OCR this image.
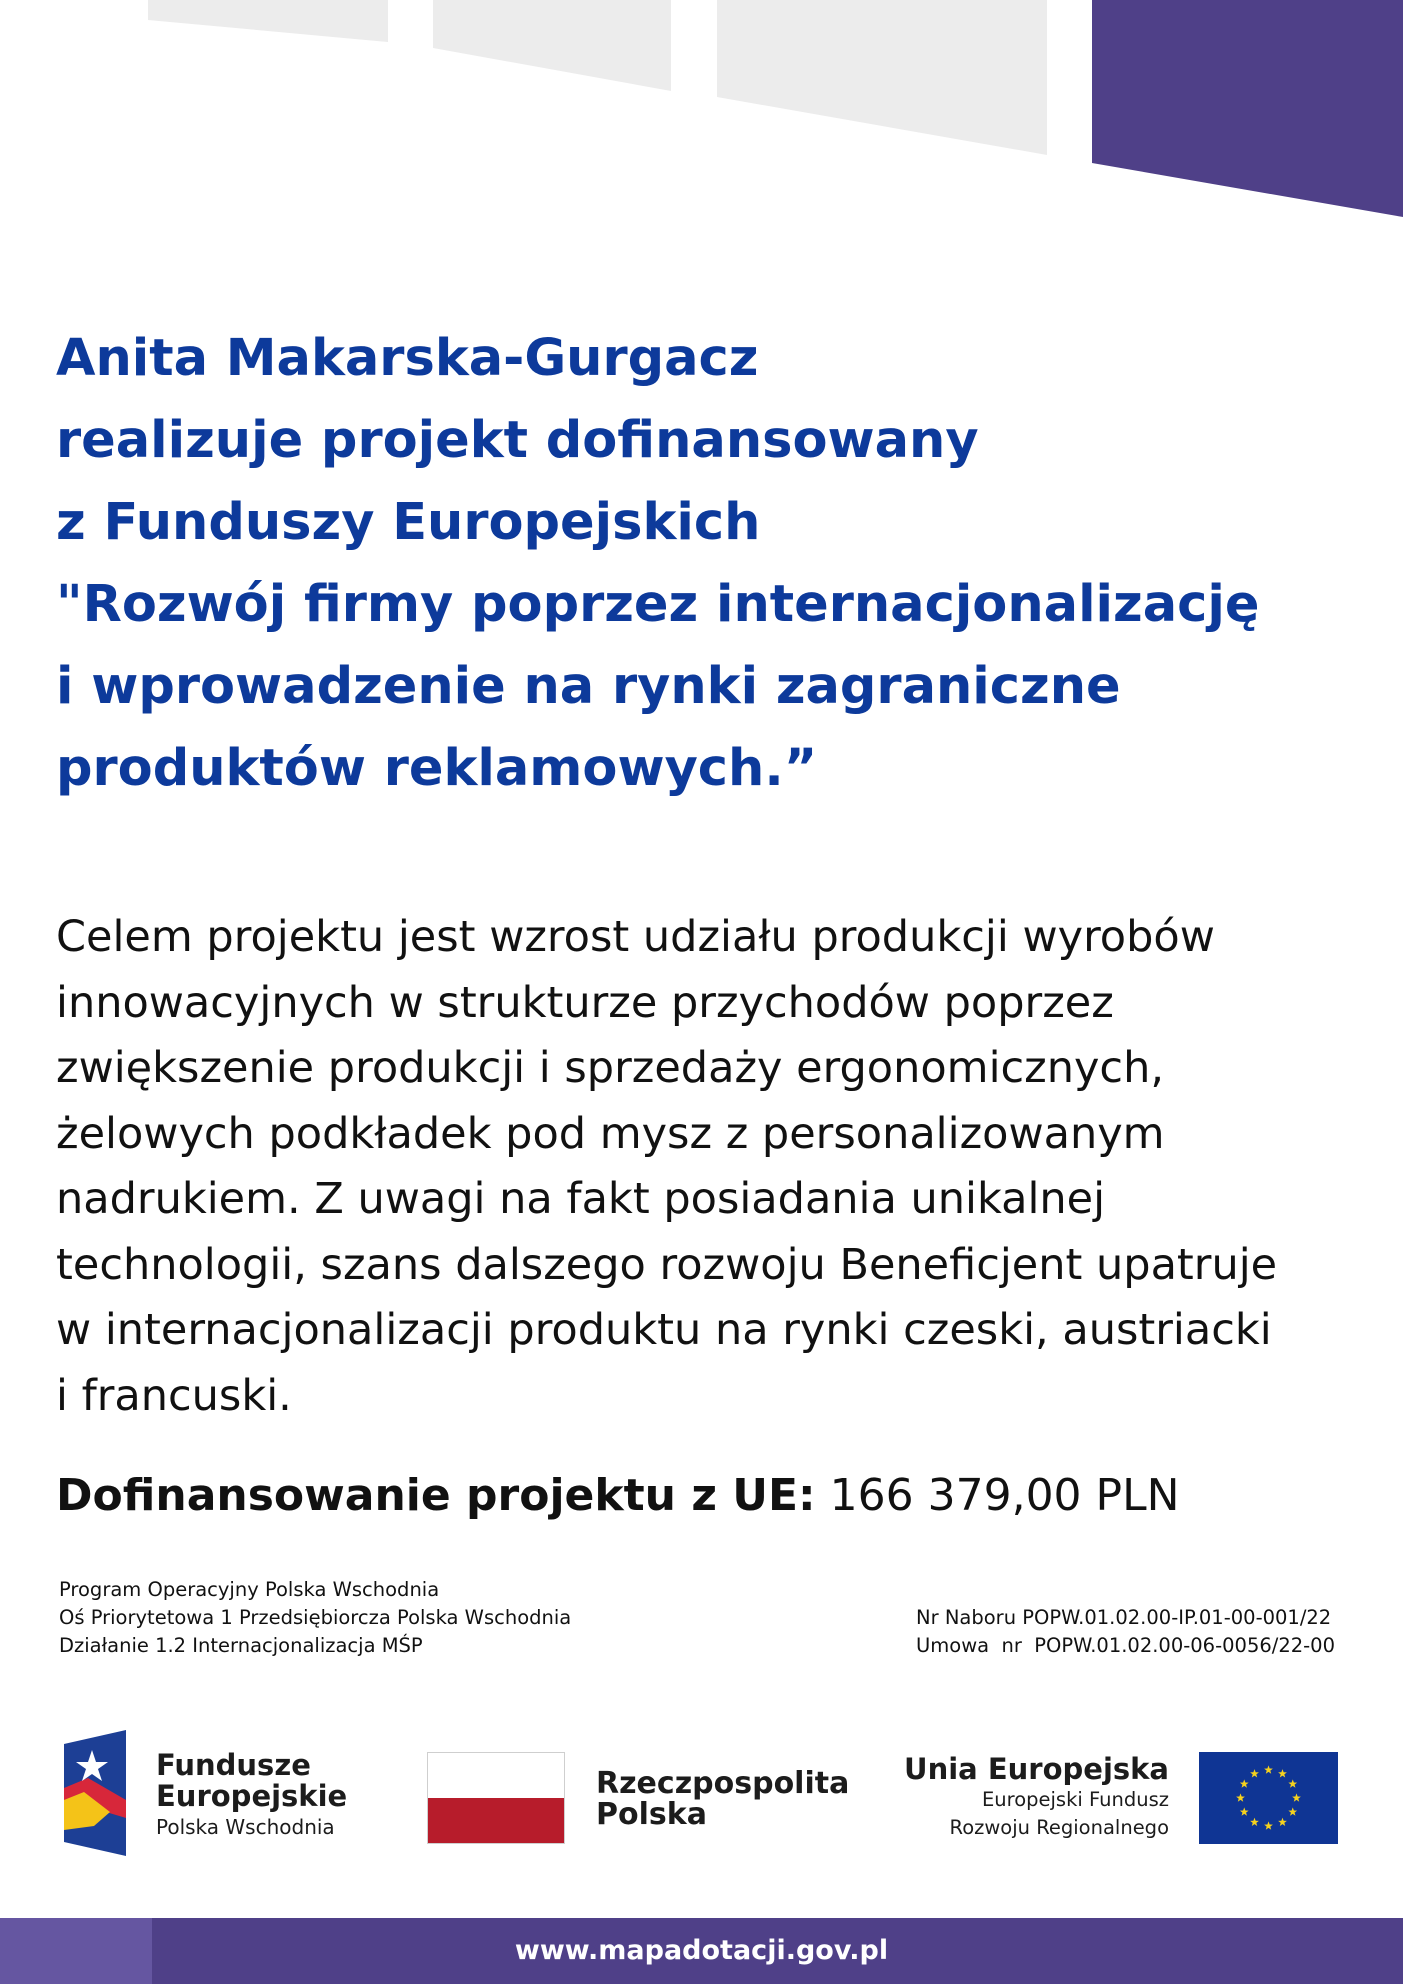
Anita Makarska-Gurgacz
realizuje projekt dofinansowany
z Funduszy Europejskich
"Rozwój firmy poprzez internacjonalizację
i wprowadzenie na rynki zagraniczne
produktów reklamowych.”
Celem projektu jest wzrost udziału produkcji wyrobów
innowacyjnych w strukturze przychodów poprzez
zwiększenie produkcji i sprzedaży ergonomicznych,
żelowych podkładek pod mysz z personalizowanym
nadrukiem. Z uwagi na fakt posiadania unikalnej
technologii, szans dalszego rozwoju Beneficjent upatruje
w internacjonalizacji produktu na rynki czeski, austriacki
i francuski.
Dofinansowanie projektu z UE: 166 379,00 PLN
Program Operacyjny Polska Wschodnia
Oś Priorytetowa 1 Przedsiębiorcza Polska Wschodnia
Działanie 1.2 Internacjonalizacja MŚP
Nr Naboru POPW.01.02.00-IP.01-00-001/22
Umowa  nr  POPW.01.02.00-06-0056/22-00
Fundusze
Europejskie
Polska Wschodnia
Rzeczpospolita
Polska
Unia Europejska
Europejski Fundusz
Rozwoju Regionalnego
www.mapadotacji.gov.pl
